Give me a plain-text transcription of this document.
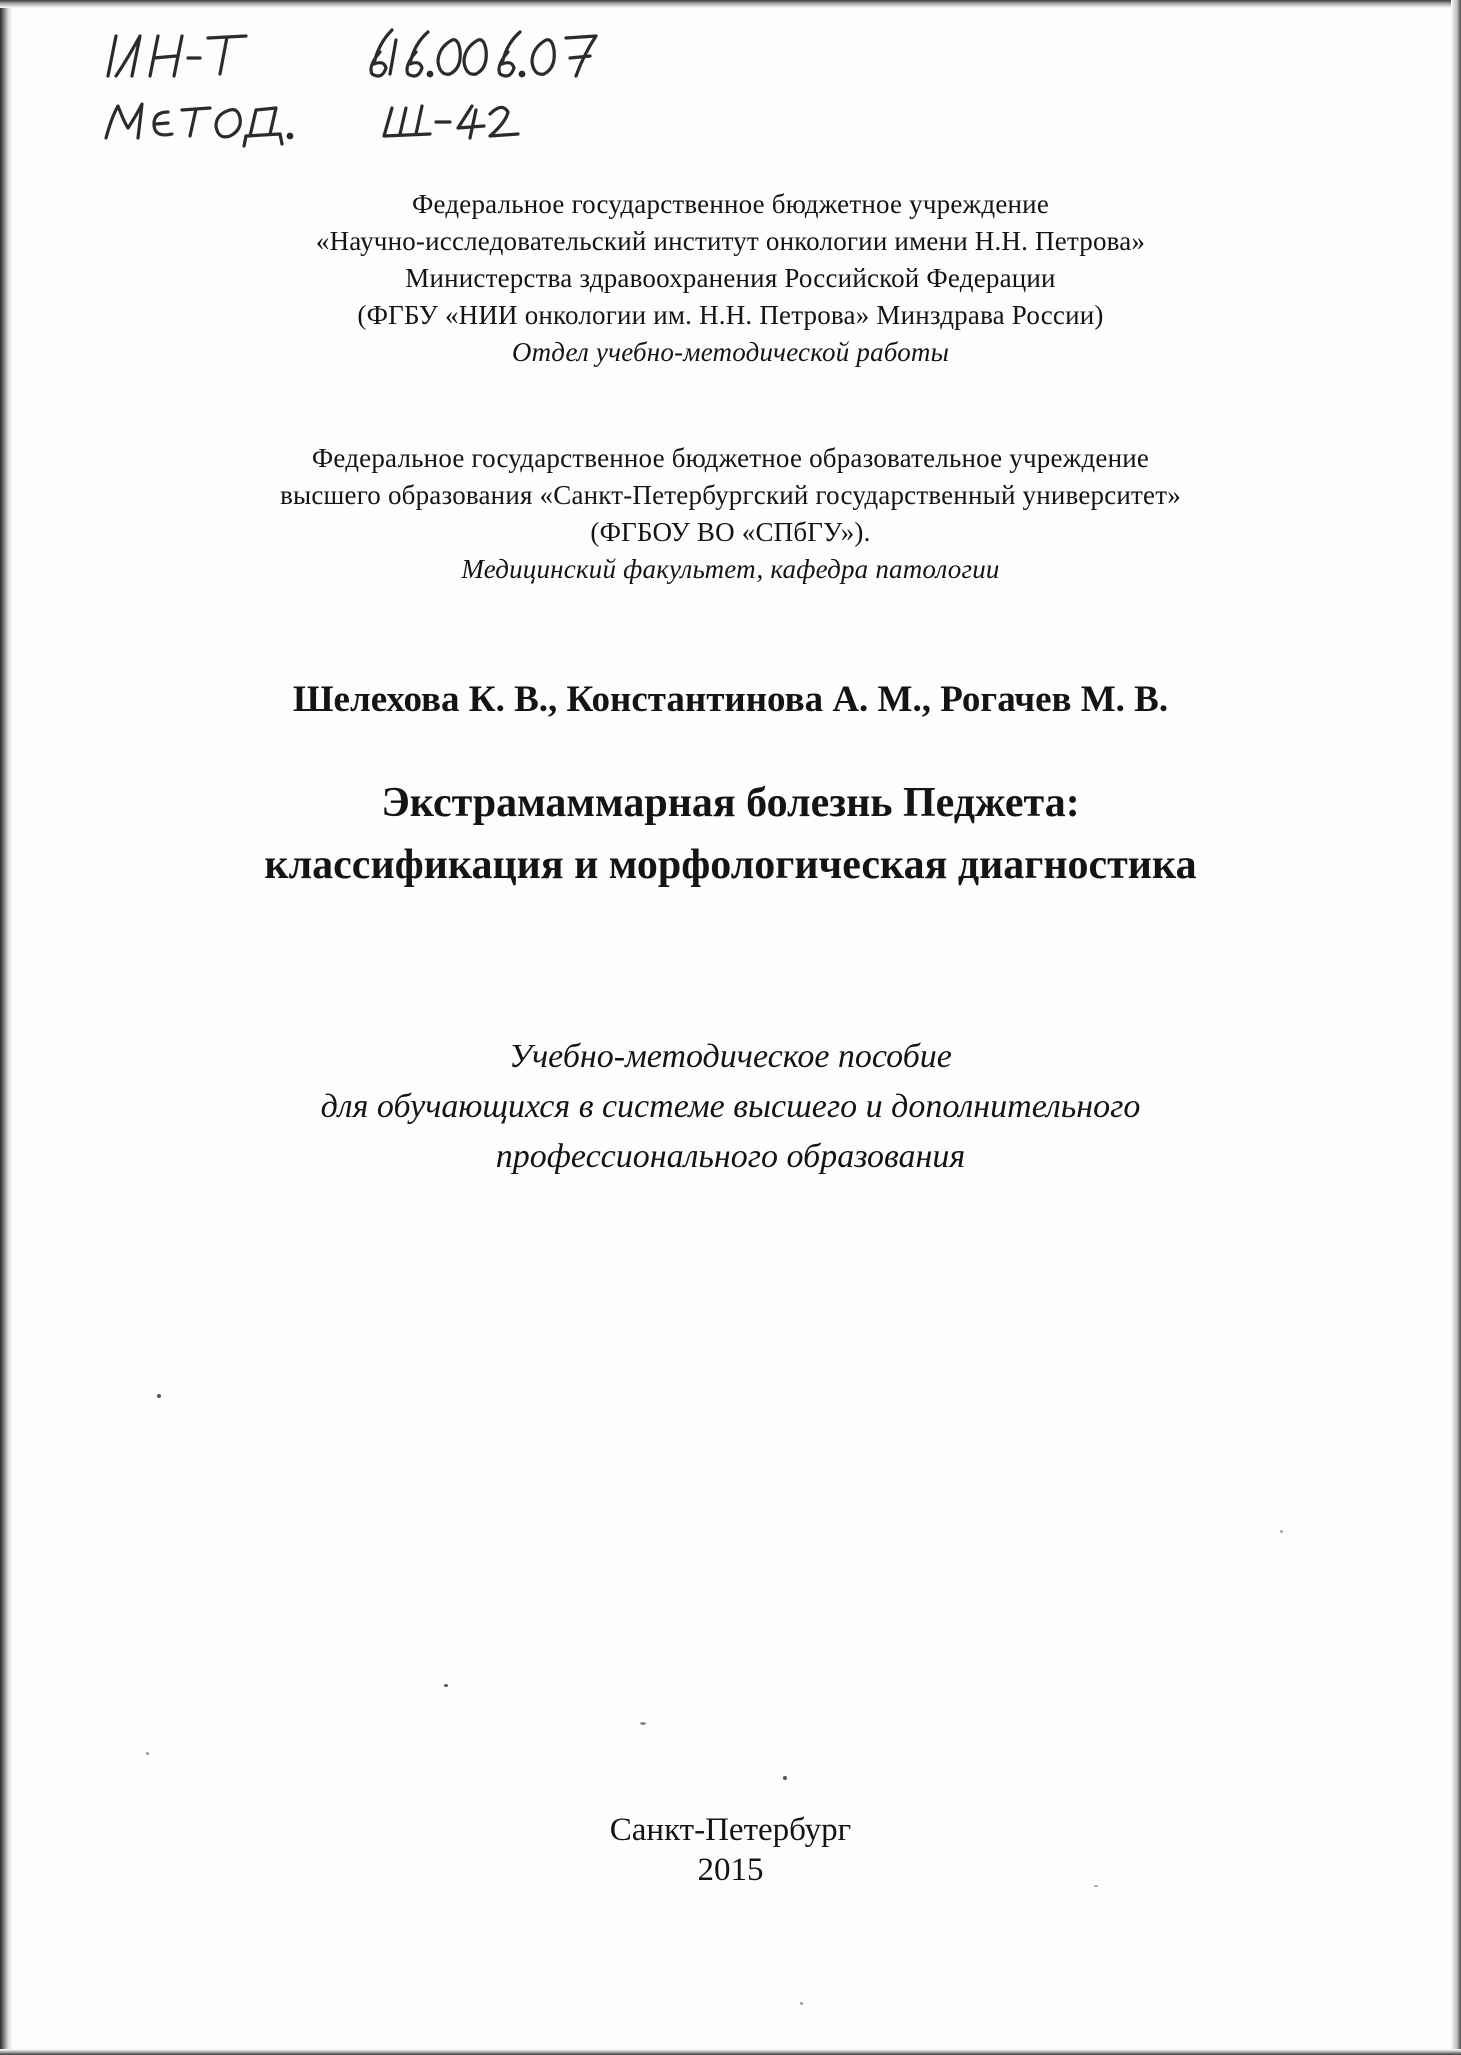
Федеральное государственное бюджетное учреждение
«Научно-исследовательский институт онкологии имени Н.Н. Петрова»
Министерства здравоохранения Российской Федерации
(ФГБУ «НИИ онкологии им. Н.Н. Петрова» Минздрава России)
Отдел учебно-методической работы
Федеральное государственное бюджетное образовательное учреждение
высшего образования «Санкт-Петербургский государственный университет»
(ФГБОУ ВО «СПбГУ»).
Медицинский факультет, кафедра патологии
Шелехова К. В., Константинова А. М., Рогачев М. В.
Экстрамаммарная болезнь Педжета:
классификация и морфологическая диагностика
Учебно-методическое пособие
для обучающихся в системе высшего и дополнительного
профессионального образования
Санкт-Петербург
2015
